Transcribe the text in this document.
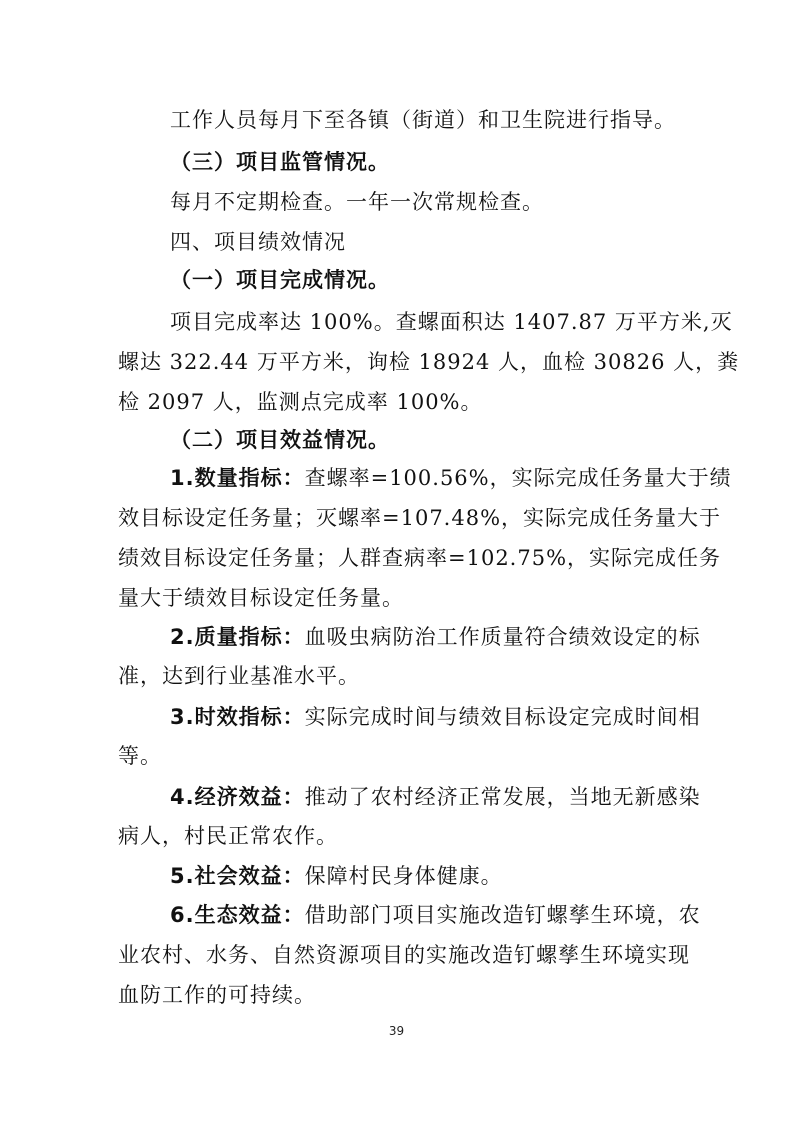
工作人员每月下至各镇（街道）和卫生院进行指导。
（三）项目监管情况。
每月不定期检查。一年一次常规检查。
四、项目绩效情况
（一）项目完成情况。
项目完成率达 100%。查螺面积达 1407.87 万平方米,灭
螺达 322.44 万平方米，询检 18924 人，血检 30826 人，粪
检 2097 人，监测点完成率 100%。
（二）项目效益情况。
1.数量指标：查螺率=100.56%，实际完成任务量大于绩
效目标设定任务量；灭螺率=107.48%，实际完成任务量大于
绩效目标设定任务量；人群查病率=102.75%，实际完成任务
量大于绩效目标设定任务量。
2.质量指标：血吸虫病防治工作质量符合绩效设定的标
准，达到行业基准水平。
3.时效指标：实际完成时间与绩效目标设定完成时间相
等。
4.经济效益：推动了农村经济正常发展，当地无新感染
病人，村民正常农作。
5.社会效益：保障村民身体健康。
6.生态效益：借助部门项目实施改造钉螺孳生环境，农
业农村、水务、自然资源项目的实施改造钉螺孳生环境实现
血防工作的可持续。
39
